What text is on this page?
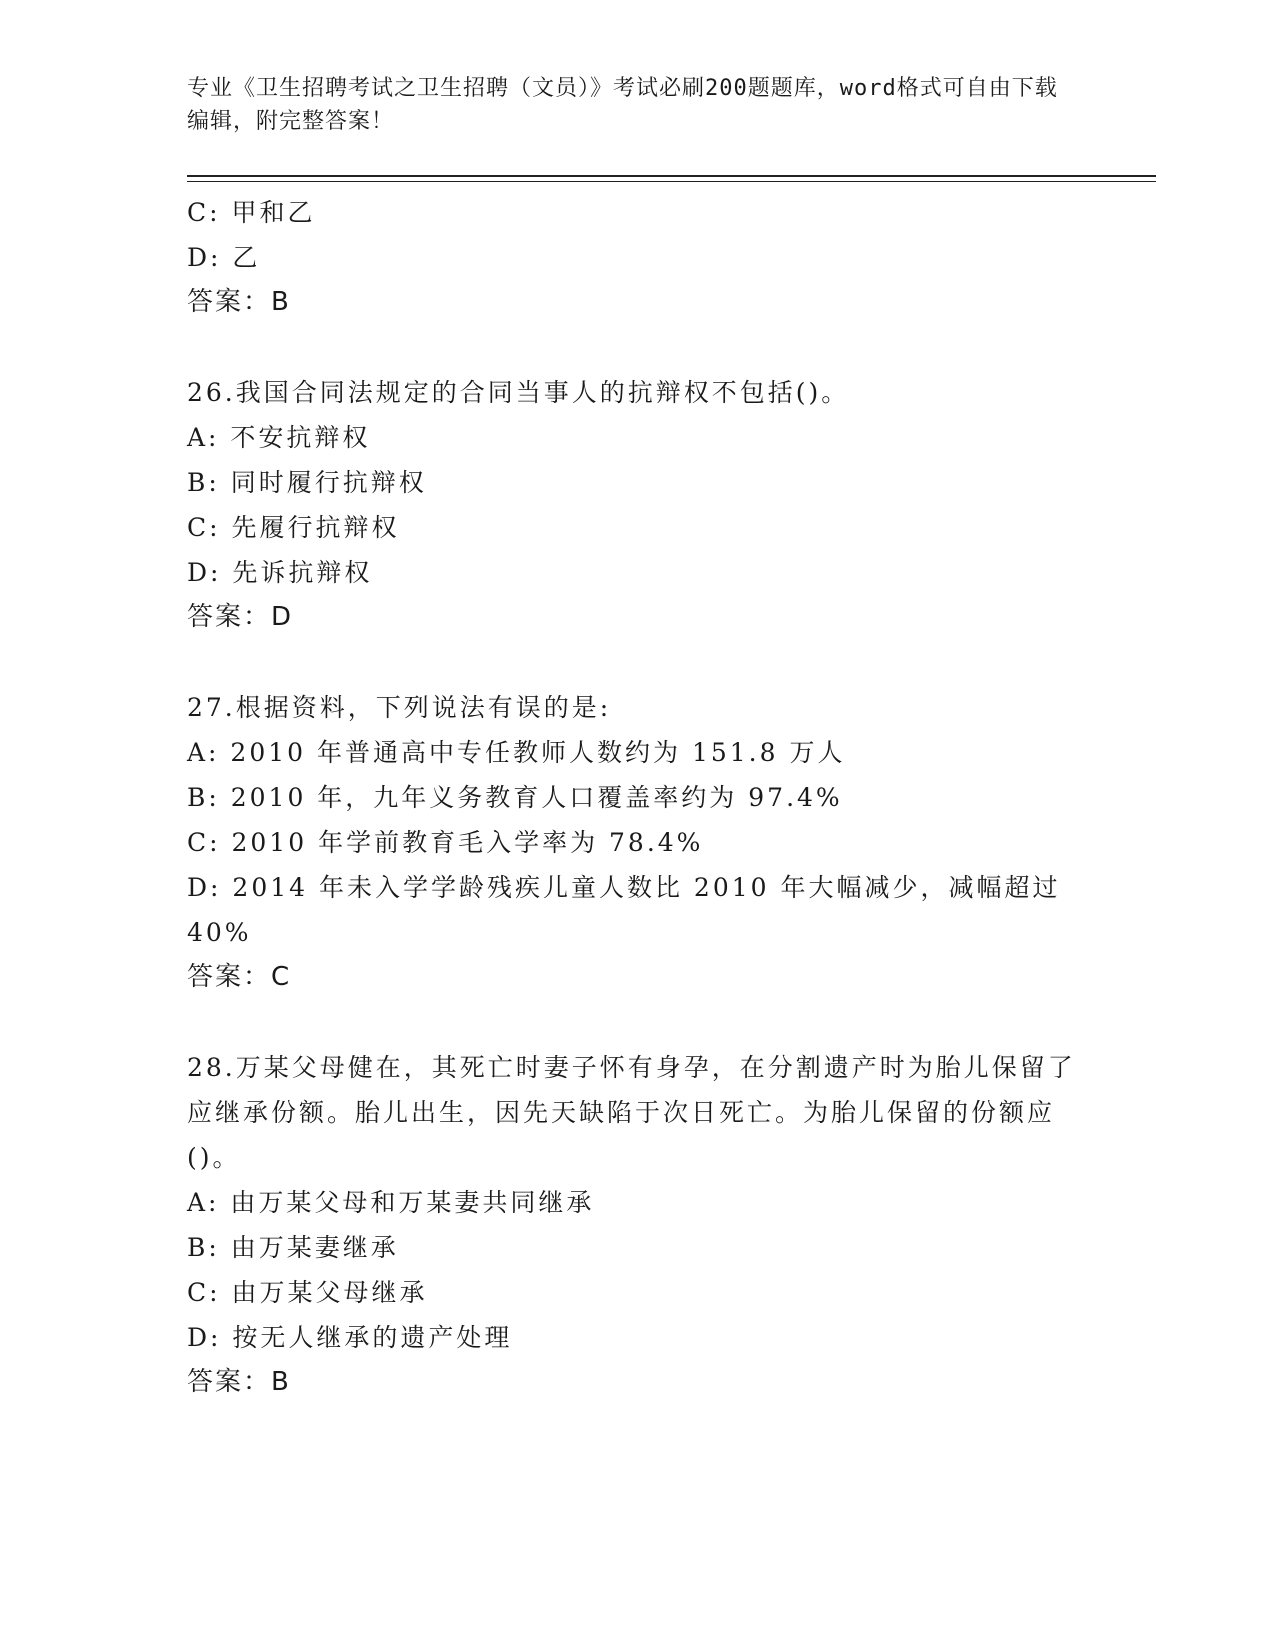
专业《卫生招聘考试之卫生招聘（文员）》考试必刷200题题库，word格式可自由下载编辑，附完整答案！

C: 甲和乙

D: 乙

答案：B

26.我国合同法规定的合同当事人的抗辩权不包括()。

A: 不安抗辩权

B: 同时履行抗辩权

C: 先履行抗辩权

D: 先诉抗辩权

答案：D

27.根据资料，下列说法有误的是:

A: 2010 年普通高中专任教师人数约为 151.8 万人

B: 2010 年，九年义务教育人口覆盖率约为 97.4%

C: 2010 年学前教育毛入学率为 78.4%

D: 2014 年未入学学龄残疾儿童人数比 2010 年大幅减少，减幅超过40%

答案：C

28.万某父母健在，其死亡时妻子怀有身孕，在分割遗产时为胎儿保留了应继承份额。胎儿出生，因先天缺陷于次日死亡。为胎儿保留的份额应()。

A: 由万某父母和万某妻共同继承

B: 由万某妻继承

C: 由万某父母继承

D: 按无人继承的遗产处理

答案：B
